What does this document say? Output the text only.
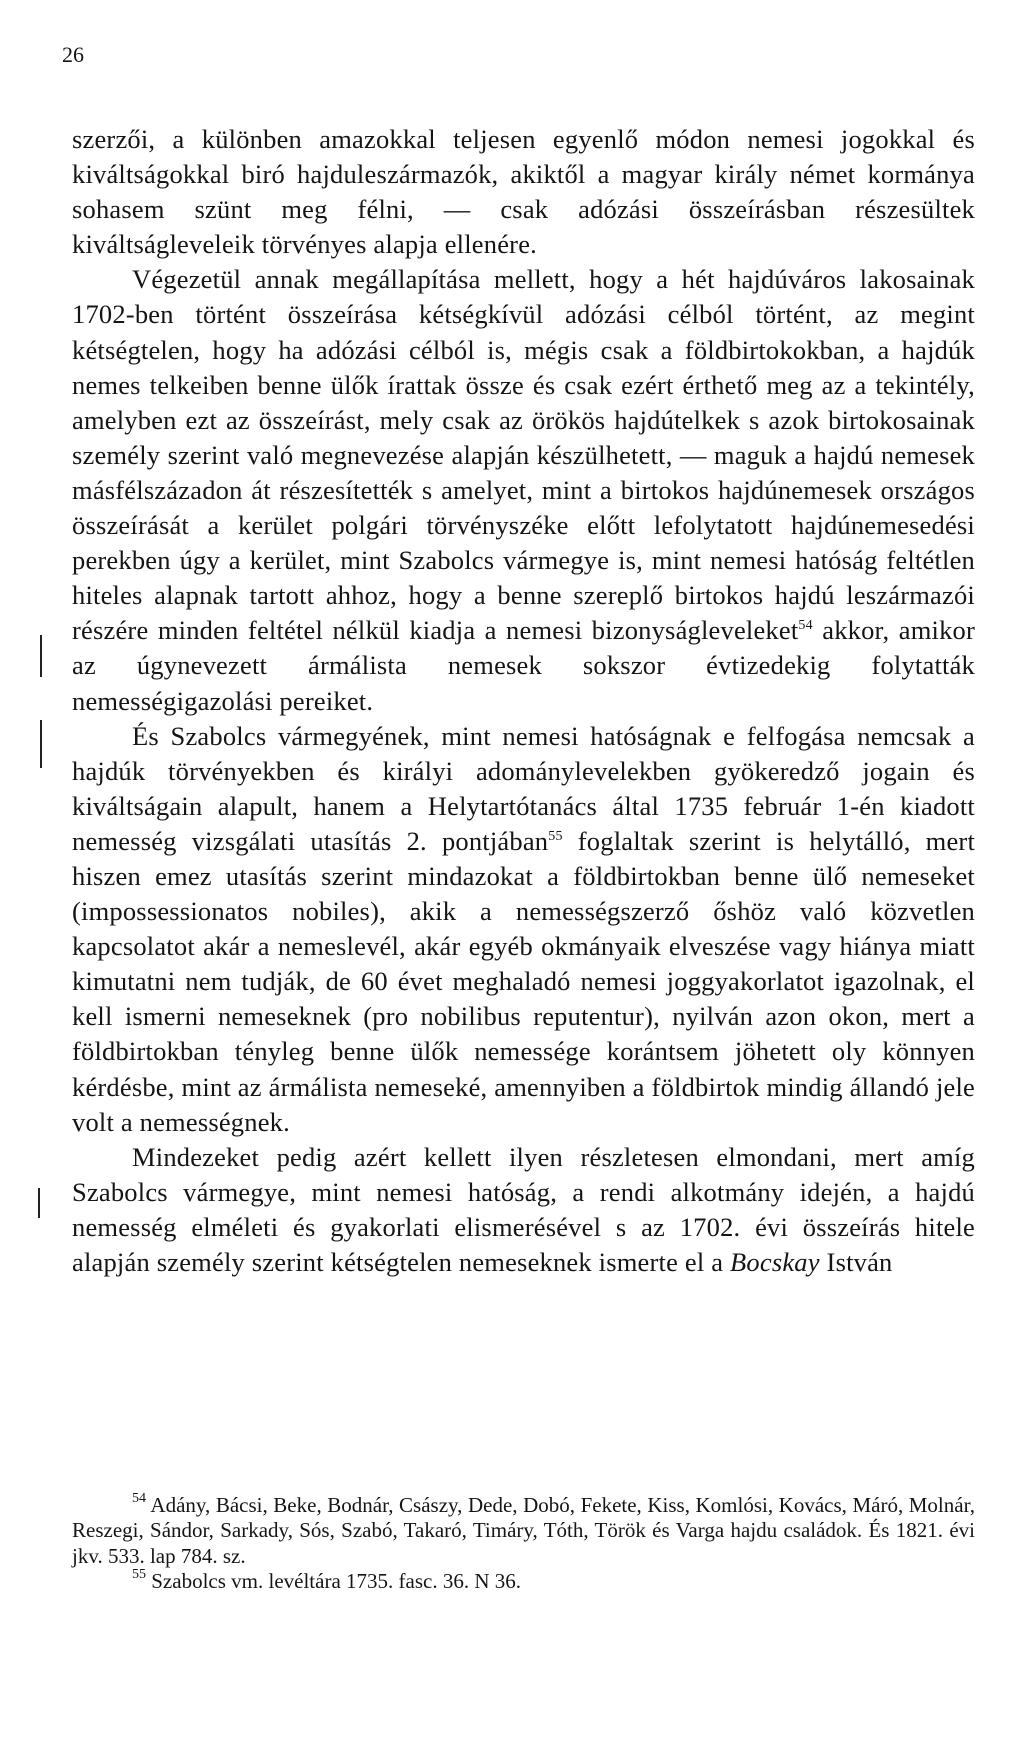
26

szerzői, a különben amazokkal teljesen egyenlő módon nemesi jogokkal és kiváltságokkal biró hajduleszármazók, akiktől a magyar király német kormánya sohasem szünt meg félni, — csak adózási összeírásban részesültek kiváltságleveleik törvényes alapja ellenére.

Végezetül annak megállapítása mellett, hogy a hét hajdúváros lakosainak 1702-ben történt összeírása kétségkívül adózási célból történt, az megint kétségtelen, hogy ha adózási célból is, mégis csak a földbirtokokban, a hajdúk nemes telkeiben benne ülők írattak össze és csak ezért érthető meg az a tekintély, amelyben ezt az összeírást, mely csak az örökös hajdútelkek s azok birtokosainak személy szerint való megnevezése alapján készülhetett, — maguk a hajdú nemesek másfélszázadon át részesítették s amelyet, mint a birtokos hajdúnemesek országos összeírását a kerület polgári törvényszéke előtt lefolytatott hajdúnemesedési perekben úgy a kerület, mint Szabolcs vármegye is, mint nemesi hatóság feltétlen hiteles alapnak tartott ahhoz, hogy a benne szereplő birtokos hajdú leszármazói részére minden feltétel nélkül kiadja a nemesi bizonyságleveleket$^{54}$ akkor, amikor az úgynevezett ármálista nemesek sokszor évtizedekig folytatták nemességigazolási pereiket.

És Szabolcs vármegyének, mint nemesi hatóságnak e felfogása nemcsak a hajdúk törvényekben és királyi adománylevelekben gyökeredző jogain és kiváltságain alapult, hanem a Helytartótanács által 1735 február 1-én kiadott nemesség vizsgálati utasítás 2. pontjában$^{55}$ foglaltak szerint is helytálló, mert hiszen emez utasítás szerint mindazokat a földbirtokban benne ülő nemeseket (impossessionatos nobiles), akik a nemességszerző őshöz való közvetlen kapcsolatot akár a nemeslevél, akár egyéb okmányaik elveszése vagy hiánya miatt kimutatni nem tudják, de 60 évet meghaladó nemesi joggyakorlatot igazolnak, el kell ismerni nemeseknek (pro nobilibus reputentur), nyilván azon okon, mert a földbirtokban tényleg benne ülők nemessége korántsem jöhetett oly könnyen kérdésbe, mint az ármálista nemeseké, amennyiben a földbirtok mindig állandó jele volt a nemességnek.

Mindezeket pedig azért kellett ilyen részletesen elmondani, mert amíg Szabolcs vármegye, mint nemesi hatóság, a rendi alkotmány idején, a hajdú nemesség elméleti és gyakorlati elismerésével s az 1702. évi összeírás hitele alapján személy szerint kétségtelen nemeseknek ismerte el a Bocskay István

$^{54}$ Adány, Bácsi, Beke, Bodnár, Császy, Dede, Dobó, Fekete, Kiss, Komlósi, Kovács, Máró, Molnár, Reszegi, Sándor, Sarkady, Sós, Szabó, Takaró, Timáry, Tóth, Török és Varga hajdu családok. És 1821. évi jkv. 533. lap 784. sz.

$^{55}$ Szabolcs vm. levéltára 1735. fasc. 36. N 36.
